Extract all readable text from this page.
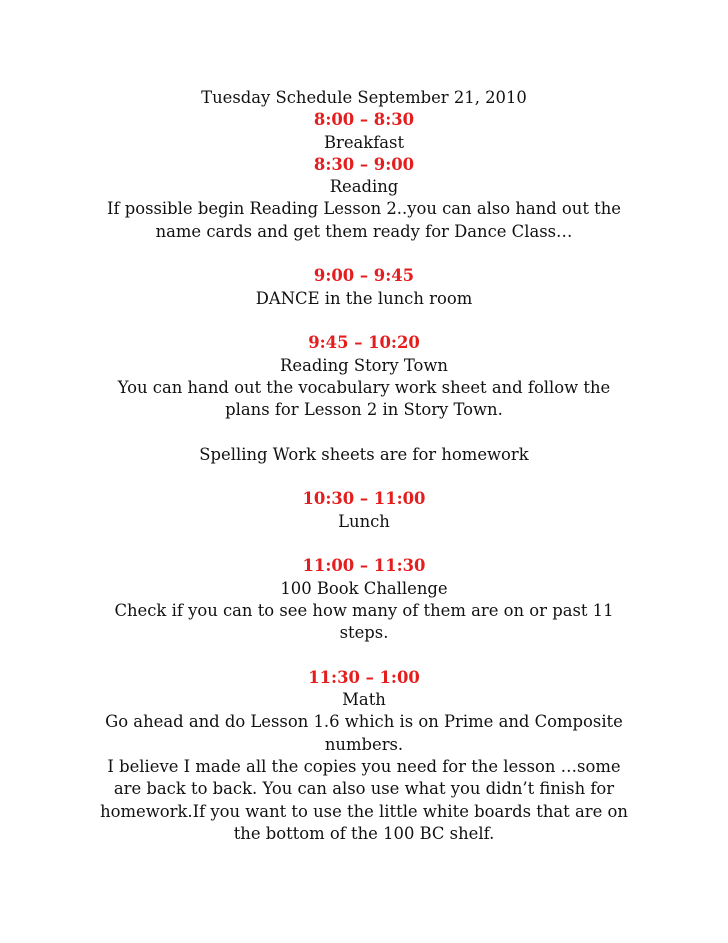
Tuesday Schedule September 21, 2010

8:00 – 8:30

Breakfast

8:30 – 9:00

Reading

If possible begin Reading Lesson 2..you can also hand out the

name cards and get them ready for Dance Class…

9:00 – 9:45

DANCE in the lunch room

9:45 – 10:20

Reading Story Town

You can hand out the vocabulary work sheet and follow the

plans for Lesson 2 in Story Town.

Spelling Work sheets are for homework

10:30 – 11:00

Lunch

11:00 – 11:30

100 Book Challenge

Check if you can to see how many of them are on or past 11

steps.

11:30 – 1:00

Math

Go ahead and do Lesson 1.6 which is on Prime and Composite

numbers.

I believe I made all the copies you need for the lesson …some

are back to back. You can also use what you didn’t finish for

homework.If you want to use the little white boards that are on

the bottom of the 100 BC shelf.
